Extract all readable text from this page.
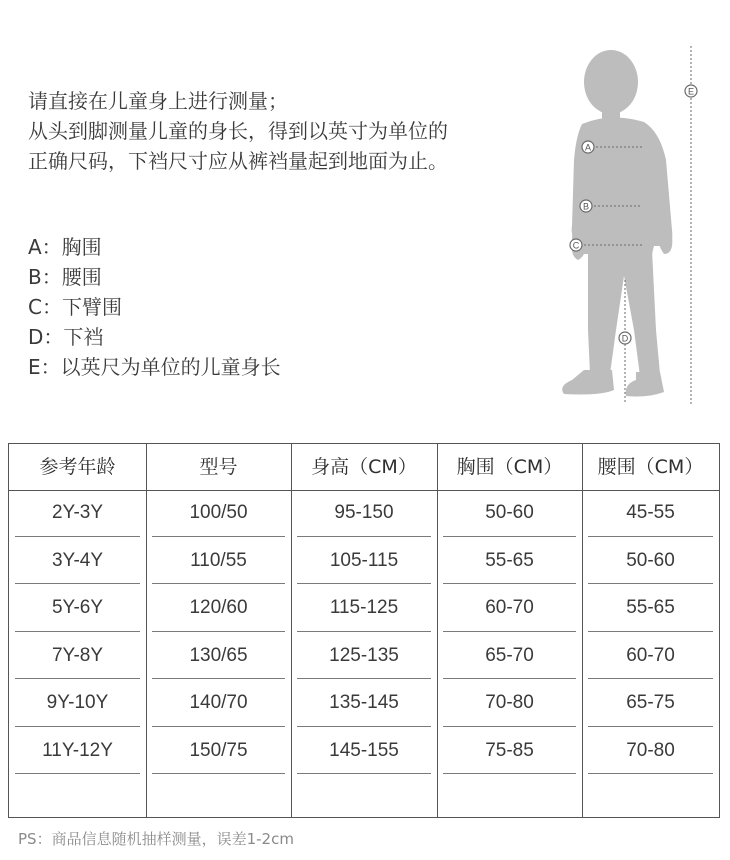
请直接在儿童身上进行测量；
从头到脚测量儿童的身长，得到以英寸为单位的
正确尺码，下裆尺寸应从裤裆量起到地面为止。
A：胸围
B：腰围
C：下臂围
D：下裆
E：以英尺为单位的儿童身长
A
B
C
D
E
参考年龄	型号	身高（CM）	胸围（CM）	腰围（CM）
2Y-3Y	100/50	95-150	50-60	45-55
3Y-4Y	110/55	105-115	55-65	50-60
5Y-6Y	120/60	115-125	60-70	55-65
7Y-8Y	130/65	125-135	65-70	60-70
9Y-10Y	140/70	135-145	70-80	65-75
11Y-12Y	150/75	145-155	75-85	70-80
PS：商品信息随机抽样测量，误差1-2cm
